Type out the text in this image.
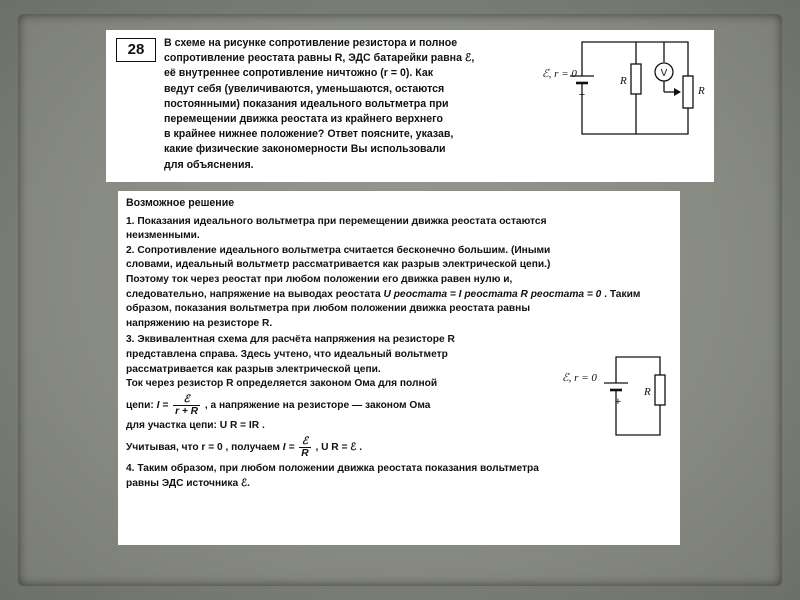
28	В схеме на рисунке сопротивление резистора и полное
сопротивление реостата равны R, ЭДС батарейки равна ℰ,
её внутреннее сопротивление ничтожно (r = 0). Как
ведут себя (увеличиваются, уменьшаются, остаются
постоянными) показания идеального вольтметра при
перемещении движка реостата из крайнего верхнего
в крайнее нижнее положение? Ответ поясните, указав,
какие физические закономерности Вы использовали
для объяснения.
ℰ, r = 0
+
R
V
R
Возможное решение
1. Показания идеального вольтметра при перемещении движка реостата остаются
неизменными.
2. Сопротивление идеального вольтметра считается бесконечно большим. (Иными
словами, идеальный вольтметр рассматривается как разрыв электрической цепи.)
Поэтому ток через реостат при любом положении его движка равен нулю и,
следовательно, напряжение на выводах реостата U реостата = I реостата R реостата = 0 . Таким
образом, показания вольтметра при любом положении движка реостата равны
напряжению на резисторе R.
3. Эквивалентная схема для расчёта напряжения на резисторе R
представлена справа. Здесь учтено, что идеальный вольтметр
рассматривается как разрыв электрической цепи.
Ток через резистор R определяется законом Ома для полной
цепи: $I = \frac{\text{ℰ}}{r + R}$ , а напряжение на резисторе — законом Ома
для участка цепи: U R = IR .
Учитывая, что r = 0 , получаем $I = \frac{\text{ℰ}}{R}$ , U R = ℰ .
4. Таким образом, при любом положении движка реостата показания вольтметра
равны ЭДС источника ℰ.
ℰ, r = 0
+
R
